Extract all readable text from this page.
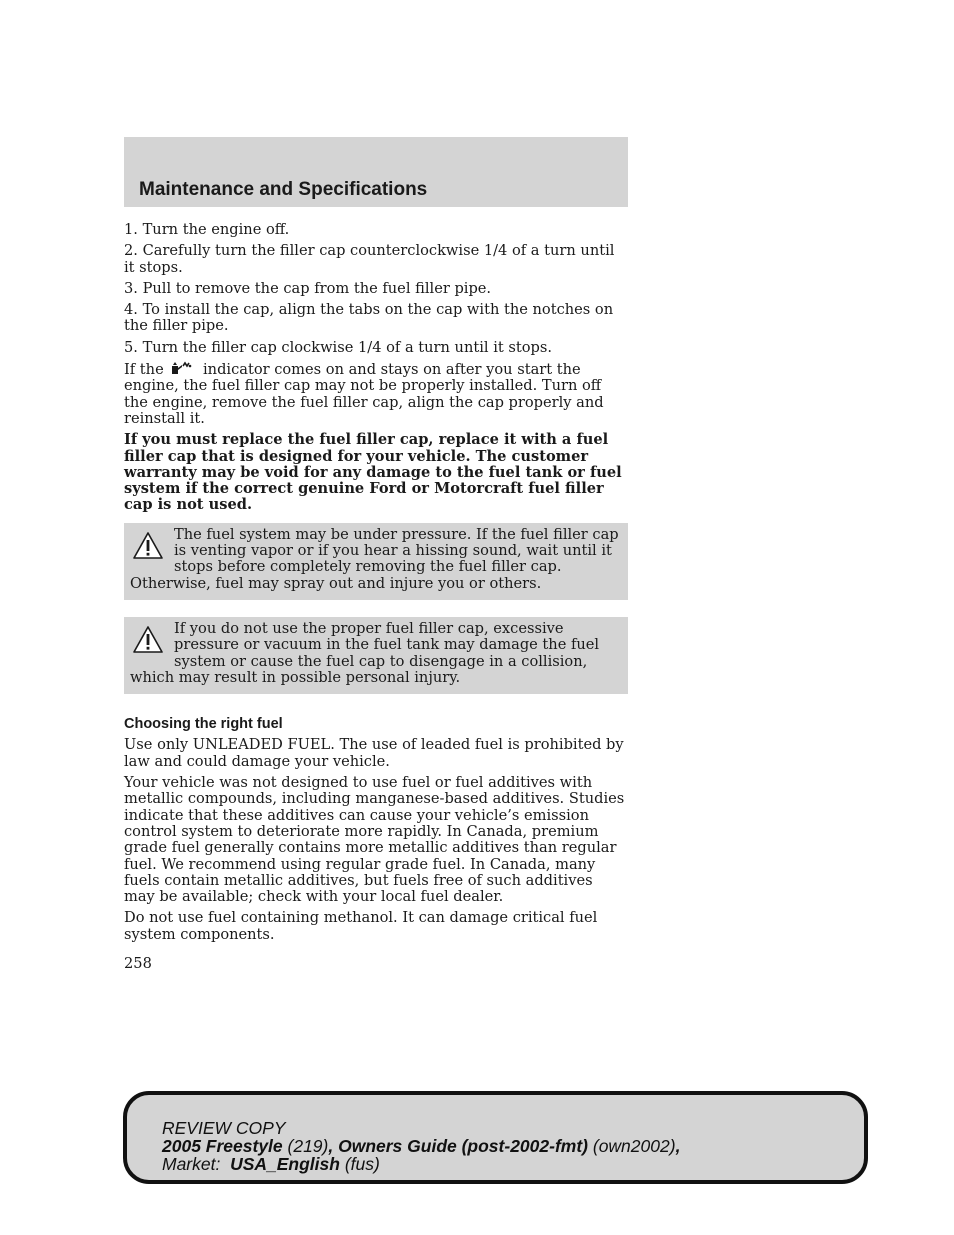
Maintenance and Specifications

1. Turn the engine off.

2. Carefully turn the filler cap counterclockwise 1/4 of a turn until it stops.

3. Pull to remove the cap from the fuel filler pipe.

4. To install the cap, align the tabs on the cap with the notches on the filler pipe.

5. Turn the filler cap clockwise 1/4 of a turn until it stops.

If the	indicator comes on and stays on after you start the engine, the fuel filler cap may not be properly installed. Turn off the engine, remove the fuel filler cap, align the cap properly and reinstall it.

If you must replace the fuel filler cap, replace it with a fuel filler cap that is designed for your vehicle. The customer warranty may be void for any damage to the fuel tank or fuel system if the correct genuine Ford or Motorcraft fuel filler cap is not used.

The fuel system may be under pressure. If the fuel filler cap is venting vapor or if you hear a hissing sound, wait until it stops before completely removing the fuel filler cap. Otherwise, fuel may spray out and injure you or others.
If you do not use the proper fuel filler cap, excessive pressure or vacuum in the fuel tank may damage the fuel system or cause the fuel cap to disengage in a collision, which may result in possible personal injury.
Choosing the right fuel

Use only UNLEADED FUEL. The use of leaded fuel is prohibited by law and could damage your vehicle.

Your vehicle was not designed to use fuel or fuel additives with metallic compounds, including manganese-based additives. Studies indicate that these additives can cause your vehicle’s emission control system to deteriorate more rapidly. In Canada, premium grade fuel generally contains more metallic additives than regular fuel. We recommend using regular grade fuel. In Canada, many fuels contain metallic additives, but fuels free of such additives may be available; check with your local fuel dealer.

Do not use fuel containing methanol. It can damage critical fuel system components.

258
REVIEW COPY
2005 Freestyle (219), Owners Guide (post-2002-fmt) (own2002),
Market:  USA_English (fus)
